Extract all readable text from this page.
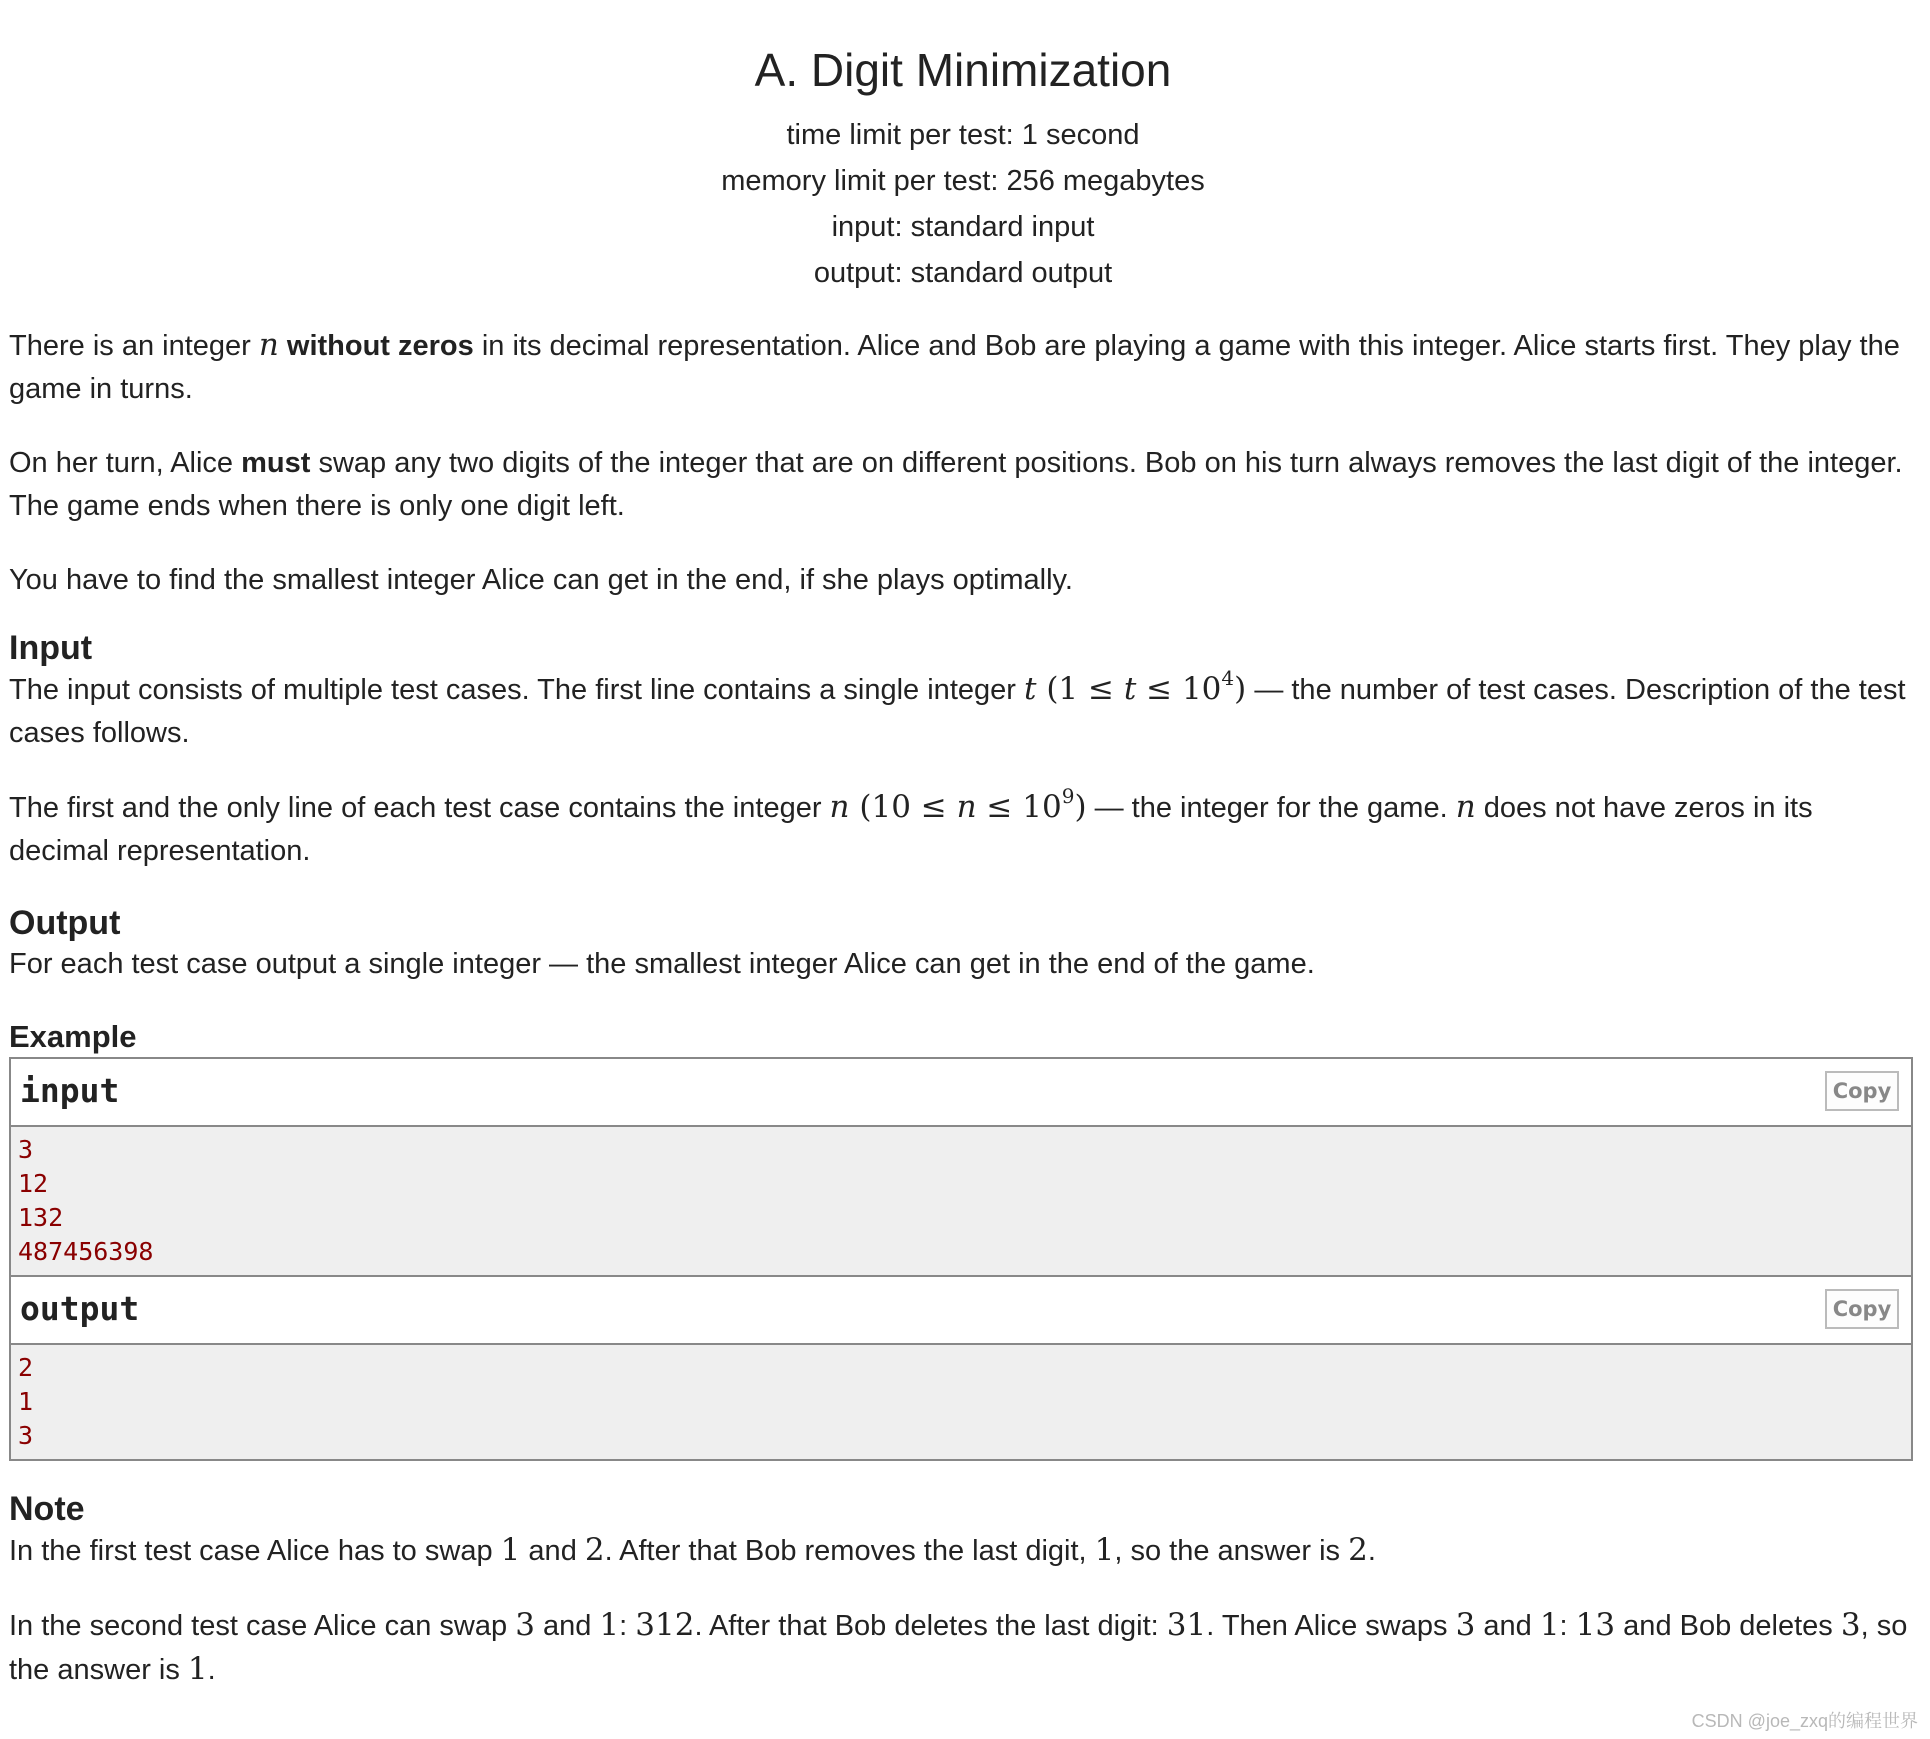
A. Digit Minimization
time limit per test: 1 second
memory limit per test: 256 megabytes
input: standard input
output: standard output

There is an integer n without zeros in its decimal representation. Alice and Bob are playing a game with this integer. Alice starts first. They play the game in turns.

On her turn, Alice must swap any two digits of the integer that are on different positions. Bob on his turn always removes the last digit of the integer. The game ends when there is only one digit left.

You have to find the smallest integer Alice can get in the end, if she plays optimally.

Input

The input consists of multiple test cases. The first line contains a single integer t $(1 \le t \le 10^4)$ — the number of test cases. Description of the test cases follows.

The first and the only line of each test case contains the integer n $(10 \le n \le 10^9)$ — the integer for the game. n does not have zeros in its decimal representation.

Output

For each test case output a single integer — the smallest integer Alice can get in the end of the game.

Example
input	Copy
3
12
132
487456398
output	Copy
2
1
3
Note

In the first test case Alice has to swap 1 and 2. After that Bob removes the last digit, 1, so the answer is 2.

In the second test case Alice can swap 3 and 1: 312. After that Bob deletes the last digit: 31. Then Alice swaps 3 and 1: 13 and Bob deletes 3, so the answer is 1.

CSDN @joe_zxq的编程世界
